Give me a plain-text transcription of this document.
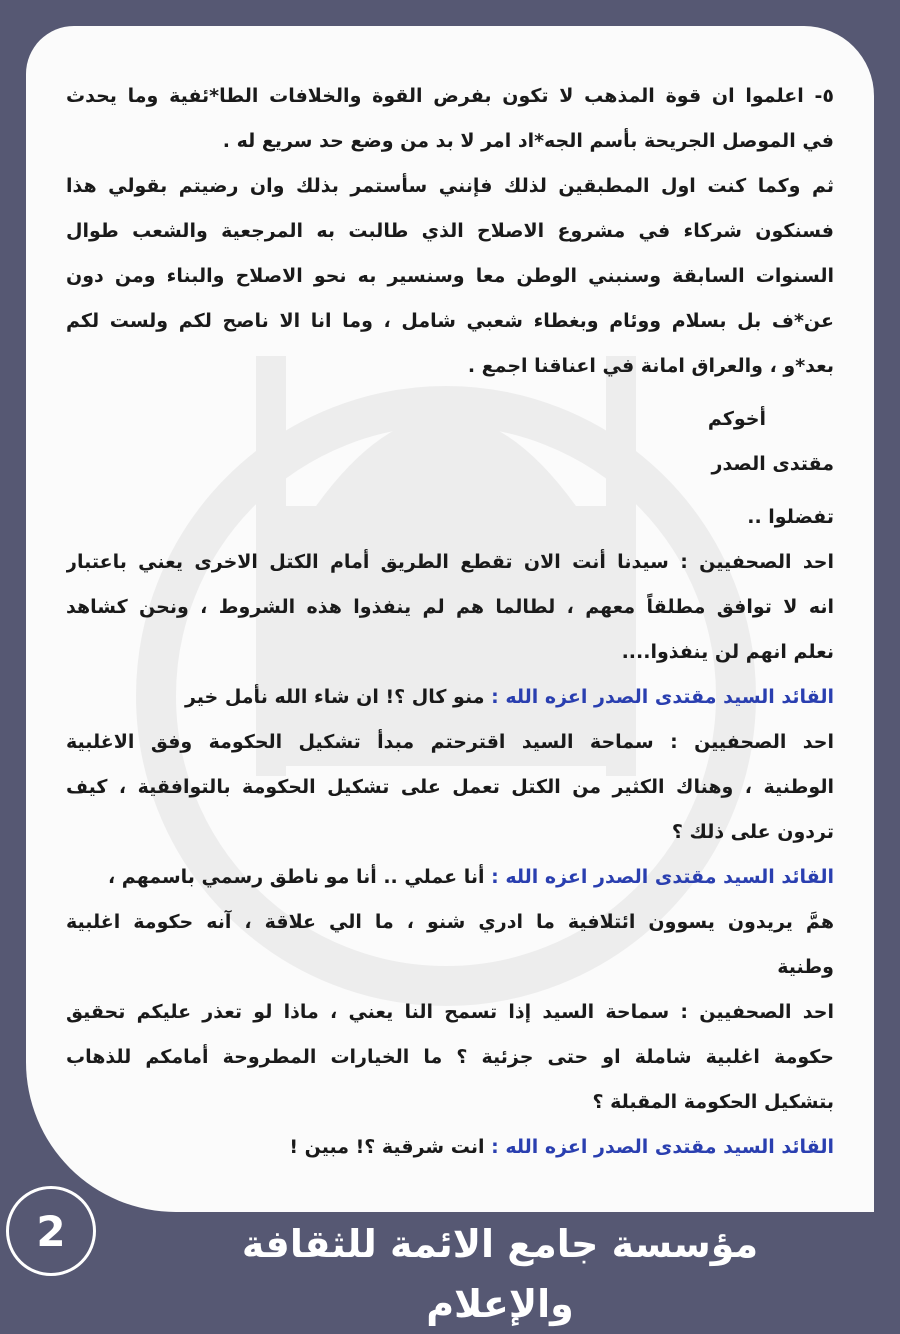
٥- اعلموا ان قوة المذهب لا تكون بفرض القوة والخلافات الطا*ئفية وما يحدث
في الموصل الجريحة بأسم الجه*اد امر لا بد من وضع حد سريع له .
ثم وكما كنت اول المطبقين لذلك فإنني سأستمر بذلك وان رضيتم بقولي هذا
فسنكون شركاء في مشروع الاصلاح الذي طالبت به المرجعية والشعب طوال
السنوات السابقة وسنبني الوطن معا وسنسير به نحو الاصلاح والبناء ومن دون
عن*ف بل بسلام ووئام وبغطاء شعبي شامل ، وما انا الا ناصح لكم ولست لكم
بعد*و ، والعراق امانة في اعناقنا اجمع .
أخوكم
مقتدى الصدر
تفضلوا ..
احد الصحفيين : سيدنا أنت الان تقطع الطريق أمام الكتل الاخرى يعني باعتبار
انه لا توافق مطلقاً معهم ، لطالما هم لم ينفذوا هذه الشروط ، ونحن كشاهد
نعلم انهم لن ينفذوا....
القائد السيد مقتدى الصدر اعزه الله : منو كال ؟! ان شاء الله نأمل خير
احد الصحفيين : سماحة السيد اقترحتم مبدأ تشكيل الحكومة وفق الاغلبية
الوطنية ، وهناك الكثير من الكتل تعمل على تشكيل الحكومة بالتوافقية ، كيف
تردون على ذلك ؟
القائد السيد مقتدى الصدر اعزه الله : أنا عملي .. أنا مو ناطق رسمي باسمهم ،
همَّ يريدون يسوون ائتلافية ما ادري شنو ، ما الي علاقة ، آنه حكومة اغلبية
وطنية
احد الصحفيين : سماحة السيد إذا تسمح النا يعني ، ماذا لو تعذر عليكم تحقيق
حكومة اغلبية شاملة او حتى جزئية ؟ ما الخيارات المطروحة أمامكم للذهاب
بتشكيل الحكومة المقبلة ؟
القائد السيد مقتدى الصدر اعزه الله : انت شرقية ؟! مبين !
2	مؤسسة جامع الائمة للثقافة والإعلام
